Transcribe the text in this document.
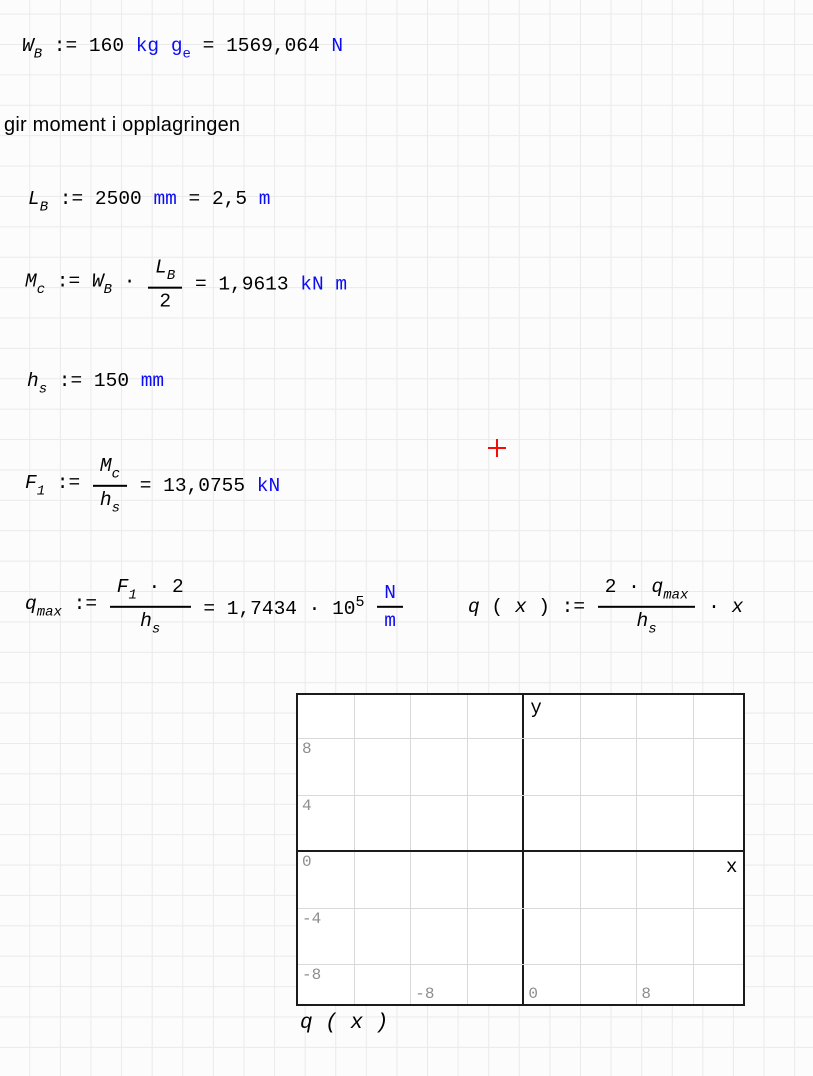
gir moment i opplagringen
8
4
0
-4
-8
-8	0	8
y
x
q ( x )
$W_B$ := 160 kg $g_e = 1569,064$ N
$L_B$ := 2500 mm = 2,5 m
$M_c$ := $W_B \cdot \frac{L_B}{2} = 1,9613$ kN m
$h_s$ := 150 mm
$F_1$ := $\frac{M_c}{h_s} = 13,0755$ kN
$q_{max}$ := $\frac{F_1 \cdot 2}{h_s} = 1,7434 \cdot 10^5 \frac{N}{m}$	q ( x ) := $\frac{2 \cdot q_{max}}{h_s} \cdot x$
